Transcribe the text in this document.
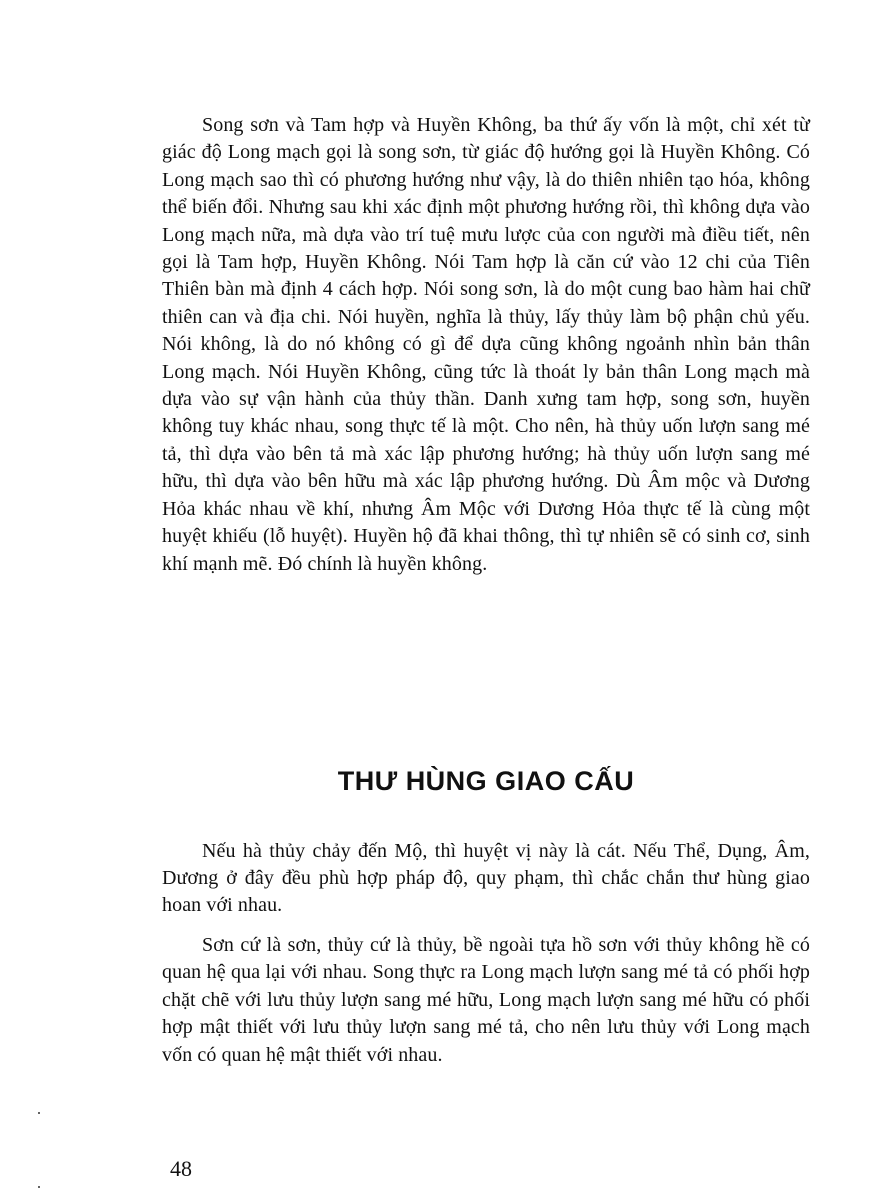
Song sơn và Tam hợp và Huyền Không, ba thứ ấy vốn là một, chỉ xét từ giác độ Long mạch gọi là song sơn, từ giác độ hướng gọi là Huyền Không. Có Long mạch sao thì có phương hướng như vậy, là do thiên nhiên tạo hóa, không thể biến đổi. Nhưng sau khi xác định một phương hướng rồi, thì không dựa vào Long mạch nữa, mà dựa vào trí tuệ mưu lược của con người mà điều tiết, nên gọi là Tam hợp, Huyền Không. Nói Tam hợp là căn cứ vào 12 chi của Tiên Thiên bàn mà định 4 cách hợp. Nói song sơn, là do một cung bao hàm hai chữ thiên can và địa chi. Nói huyền, nghĩa là thủy, lấy thủy làm bộ phận chủ yếu. Nói không, là do nó không có gì để dựa cũng không ngoảnh nhìn bản thân Long mạch. Nói Huyền Không, cũng tức là thoát ly bản thân Long mạch mà dựa vào sự vận hành của thủy thần. Danh xưng tam hợp, song sơn, huyền không tuy khác nhau, song thực tế là một. Cho nên, hà thủy uốn lượn sang mé tả, thì dựa vào bên tả mà xác lập phương hướng; hà thủy uốn lượn sang mé hữu, thì dựa vào bên hữu mà xác lập phương hướng. Dù Âm mộc và Dương Hỏa khác nhau về khí, nhưng Âm Mộc với Dương Hỏa thực tế là cùng một huyệt khiếu (lỗ huyệt). Huyền hộ đã khai thông, thì tự nhiên sẽ có sinh cơ, sinh khí mạnh mẽ. Đó chính là huyền không.

THƯ HÙNG GIAO CẤU

Nếu hà thủy chảy đến Mộ, thì huyệt vị này là cát. Nếu Thể, Dụng, Âm, Dương ở đây đều phù hợp pháp độ, quy phạm, thì chắc chắn thư hùng giao hoan với nhau.

Sơn cứ là sơn, thủy cứ là thủy, bề ngoài tựa hồ sơn với thủy không hề có quan hệ qua lại với nhau. Song thực ra Long mạch lượn sang mé tả có phối hợp chặt chẽ với lưu thủy lượn sang mé hữu, Long mạch lượn sang mé hữu có phối hợp mật thiết với lưu thủy lượn sang mé tả, cho nên lưu thủy với Long mạch vốn có quan hệ mật thiết với nhau.

48
